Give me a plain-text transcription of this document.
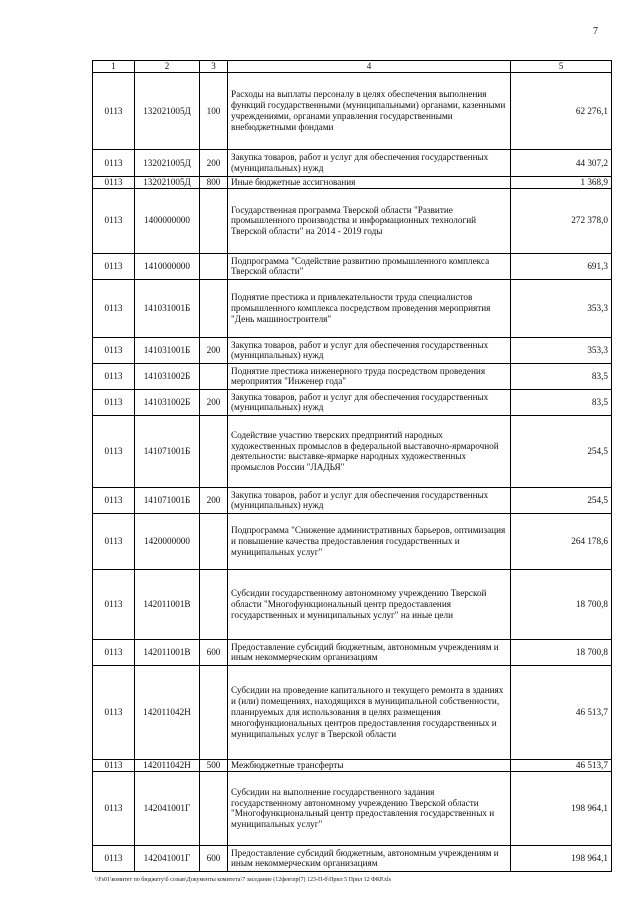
7
1	2	3	4	5
0113	132021005Д	100	Расходы на выплаты персоналу в целях обеспечения выполнения функций государственными (муниципальными) органами, казенными учреждениями, органами управления государственными внебюджетными фондами	62 276,1
0113	132021005Д	200	Закупка товаров, работ и услуг для обеспечения государственных (муниципальных) нужд	44 307,2
0113	132021005Д	800	Иные бюджетные ассигнования	1 368,9
0113	1400000000		Государственная программа Тверской области "Развитие промышленного производства и информационных технологий Тверской области" на 2014 - 2019 годы	272 378,0
0113	1410000000		Подпрограмма "Содействие развитию промышленного комплекса Тверской области"	691,3
0113	141031001Б		Поднятие престижа и привлекательности труда специалистов промышленного комплекса посредством проведения мероприятия "День машиностроителя"	353,3
0113	141031001Б	200	Закупка товаров, работ и услуг для обеспечения государственных (муниципальных) нужд	353,3
0113	141031002Б		Поднятие престижа инженерного труда посредством проведения мероприятия "Инженер года"	83,5
0113	141031002Б	200	Закупка товаров, работ и услуг для обеспечения государственных (муниципальных) нужд	83,5
0113	141071001Б		Содействие участию тверских предприятий народных художественных промыслов в федеральной выставочно-ярмарочной деятельности: выставке-ярмарке народных художественных промыслов России "ЛАДЬЯ"	254,5
0113	141071001Б	200	Закупка товаров, работ и услуг для обеспечения государственных (муниципальных) нужд	254,5
0113	1420000000		Подпрограмма "Снижение административных барьеров, оптимизация и повышение качества предоставления государственных и муниципальных услуг"	264 178,6
0113	142011001В		Субсидии государственному автономному учреждению Тверской области "Многофункциональный центр предоставления государственных и муниципальных услуг" на иные цели	18 700,8
0113	142011001В	600	Предоставление субсидий бюджетным, автономным учреждениям и иным некоммерческим организациям	18 700,8
0113	142011042Н		Субсидии на проведение капитального и текущего ремонта в зданиях и (или) помещениях, находящихся в муниципальной собственности, планируемых для использования в целях размещения многофункциональных центров предоставления государственных и муниципальных услуг в Тверской области	46 513,7
0113	142011042Н	500	Межбюджетные трансферты	46 513,7
0113	142041001Г		Субсидии на выполнение государственного задания государственному автономному учреждению Тверской области "Многофункциональный центр предоставления государственных и муниципальных услуг"	198 964,1
0113	142041001Г	600	Предоставление субсидий бюджетным, автономным учреждениям и иным некоммерческим организациям	198 964,1
\\Fs01\комитет по бюджету\б созыв\Документы комитета\7 заседание (12фев\пр(7) 123-П-б\Прил 5 Прил 12 ФКР.xls
